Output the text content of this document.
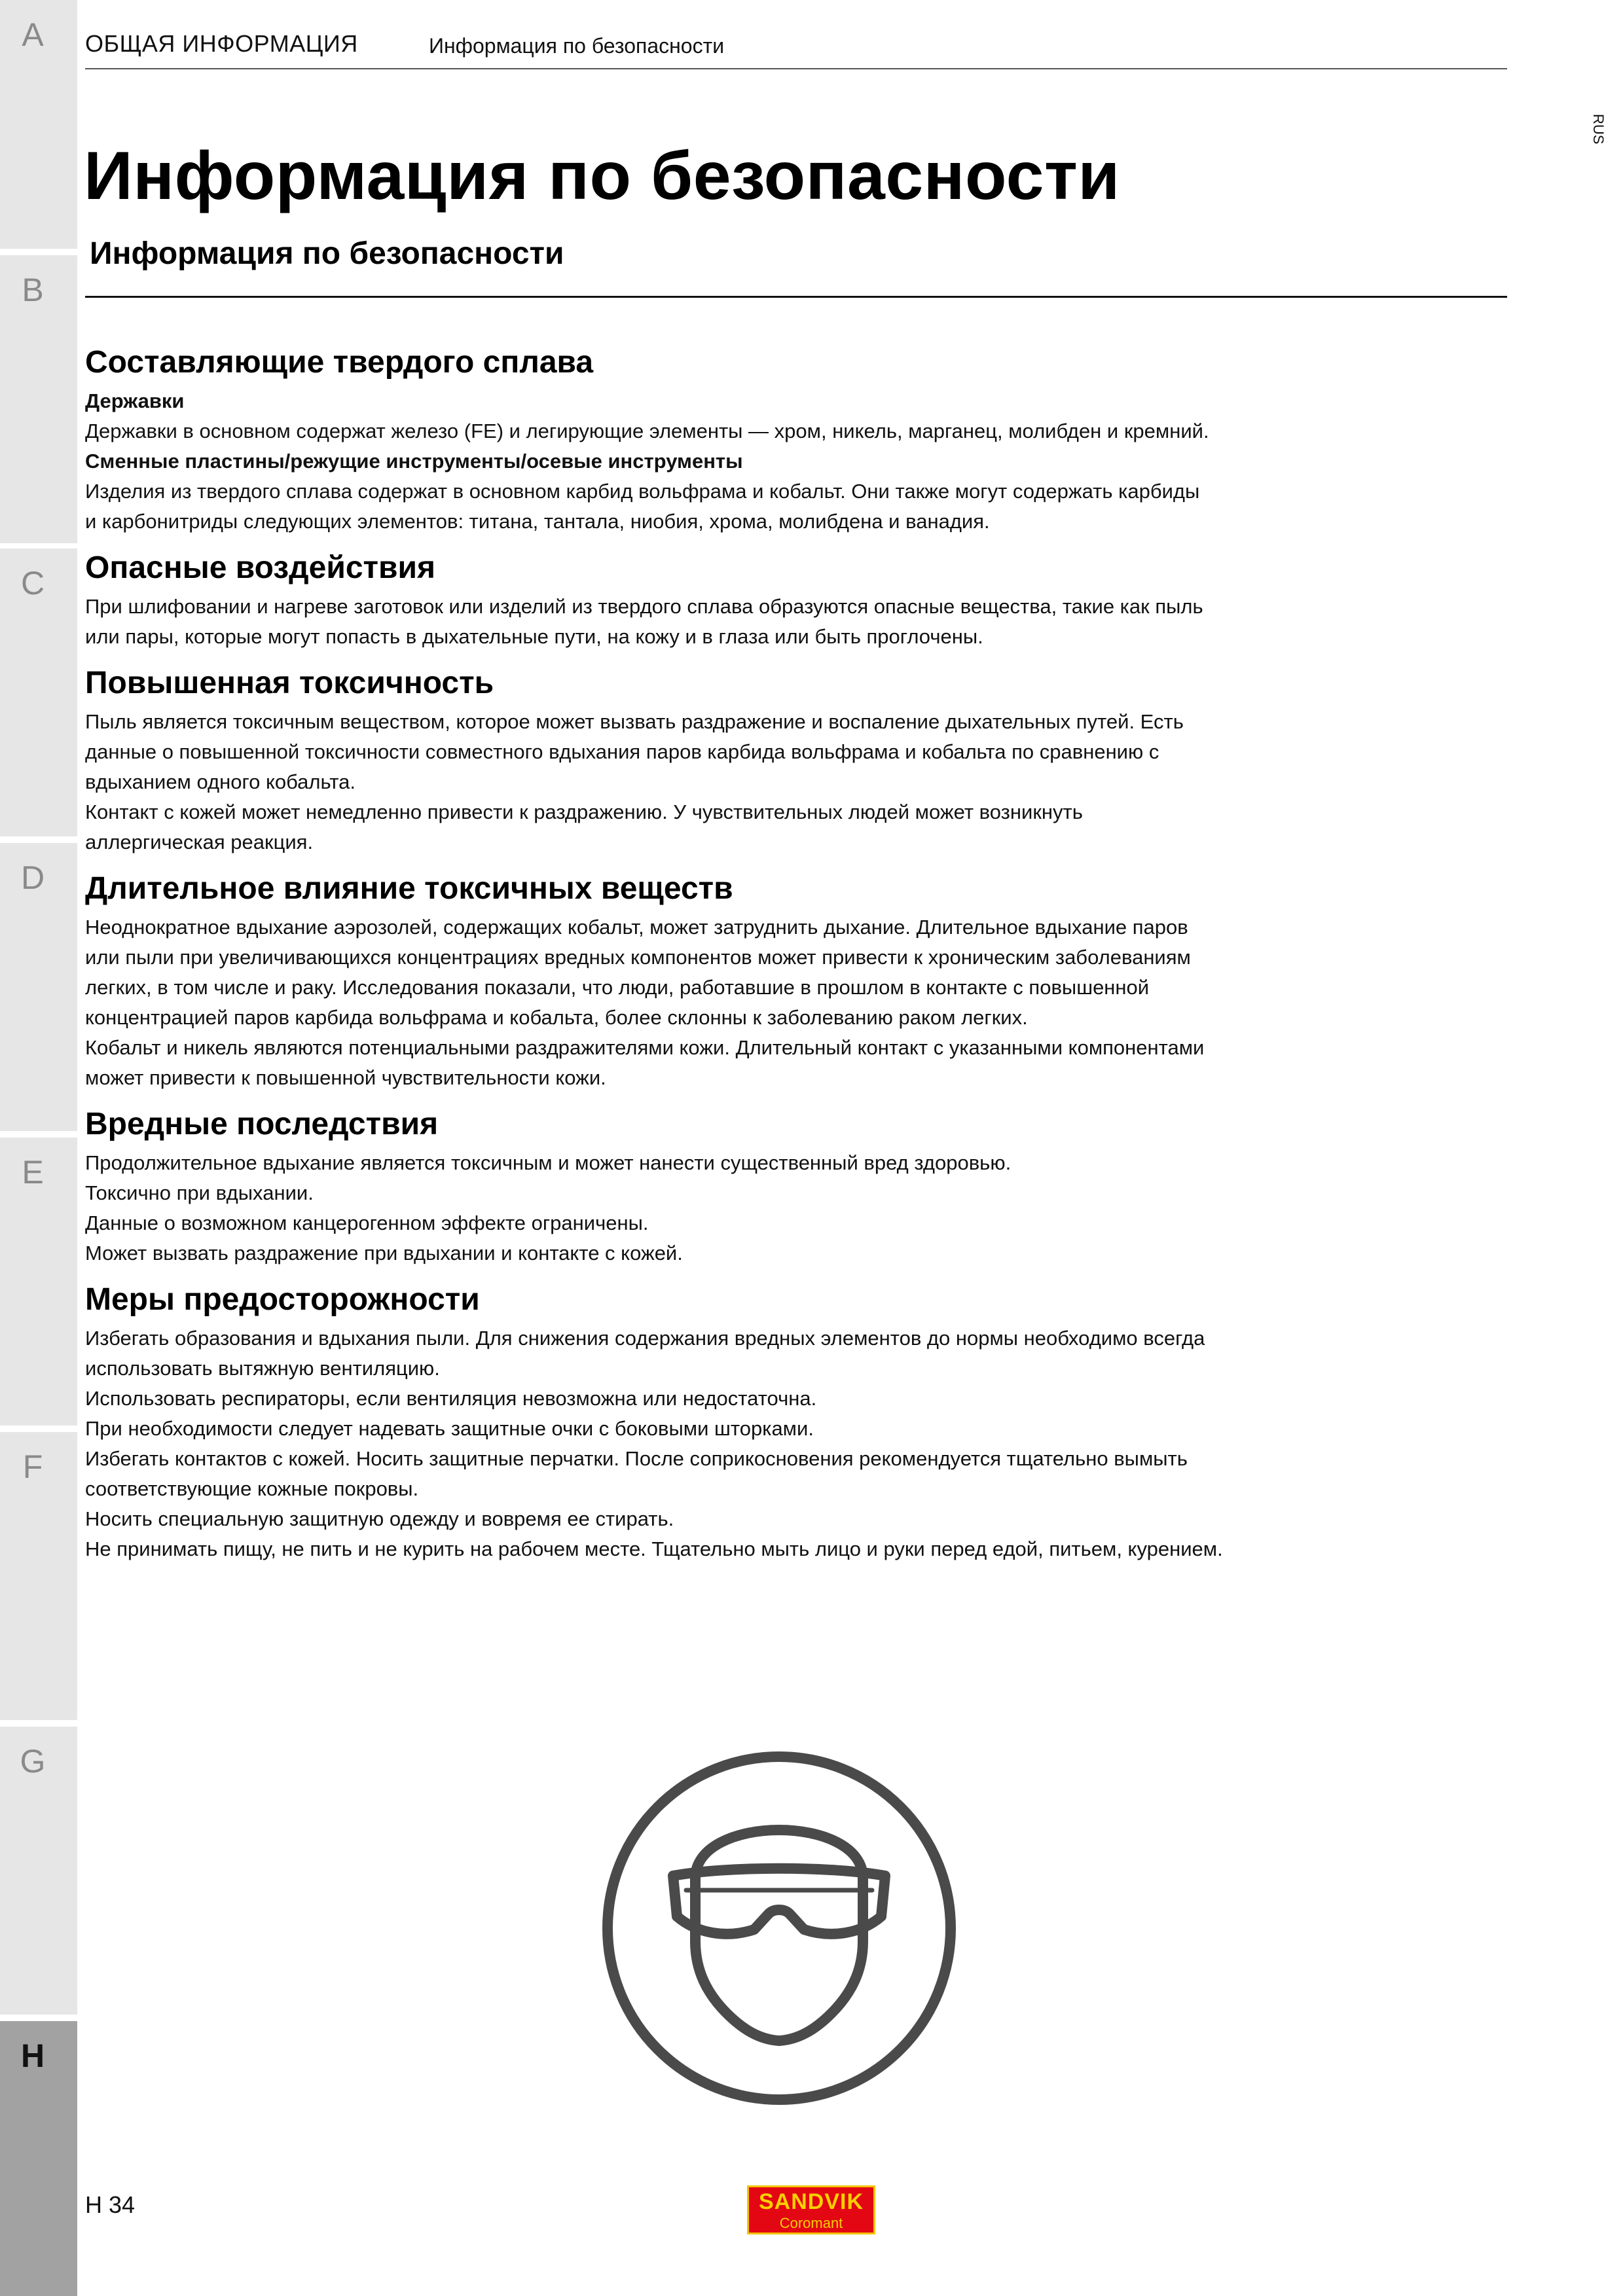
A
B
C
D
E
F
G
H
ОБЩАЯ ИНФОРМАЦИЯ	Информация по безопасности
RUS
Информация по безопасности
Информация по безопасности
Составляющие твердого сплава

Державки

Державки в основном содержат железо (FE) и легирующие элементы — хром, никель, марганец, молибден и кремний.

Сменные пластины/режущие инструменты/осевые инструменты

Изделия из твердого сплава содержат в основном карбид вольфрама и кобальт. Они также могут содержать карбиды
и карбонитриды следующих элементов: титана, тантала, ниобия, хрома, молибдена и ванадия.

Опасные воздействия

При шлифовании и нагреве заготовок или изделий из твердого сплава образуются опасные вещества, такие как пыль
или пары, которые могут попасть в дыхательные пути, на кожу и в глаза или быть проглочены.

Повышенная токсичность

Пыль является токсичным веществом, которое может вызвать раздражение и воспаление дыхательных путей. Есть
данные о повышенной токсичности совместного вдыхания паров карбида вольфрама и кобальта по сравнению с
вдыханием одного кобальта.
Контакт с кожей может немедленно привести к раздражению. У чувствительных людей может возникнуть
аллергическая реакция.

Длительное влияние токсичных веществ

Неоднократное вдыхание аэрозолей, содержащих кобальт, может затруднить дыхание. Длительное вдыхание паров
или пыли при увеличивающихся концентрациях вредных компонентов может привести к хроническим заболеваниям
легких, в том числе и раку. Исследования показали, что люди, работавшие в прошлом в контакте с повышенной
концентрацией паров карбида вольфрама и кобальта, более склонны к заболеванию раком легких.
Кобальт и никель являются потенциальными раздражителями кожи. Длительный контакт с указанными компонентами
может привести к повышенной чувствительности кожи.

Вредные последствия

Продолжительное вдыхание является токсичным и может нанести существенный вред здоровью.
Токсично при вдыхании.
Данные о возможном канцерогенном эффекте ограничены.
Может вызвать раздражение при вдыхании и контакте с кожей.

Меры предосторожности

Избегать образования и вдыхания пыли. Для снижения содержания вредных элементов до нормы необходимо всегда
использовать вытяжную вентиляцию.
Использовать респираторы, если вентиляция невозможна или недостаточна.
При необходимости следует надевать защитные очки с боковыми шторками.
Избегать контактов с кожей. Носить защитные перчатки. После соприкосновения рекомендуется тщательно вымыть
соответствующие кожные покровы.
Носить специальную защитную одежду и вовремя ее стирать.
Не принимать пищу, не пить и не курить на рабочем месте. Тщательно мыть лицо и руки перед едой, питьем, курением.

H 34	SANDVIK
Coromant
